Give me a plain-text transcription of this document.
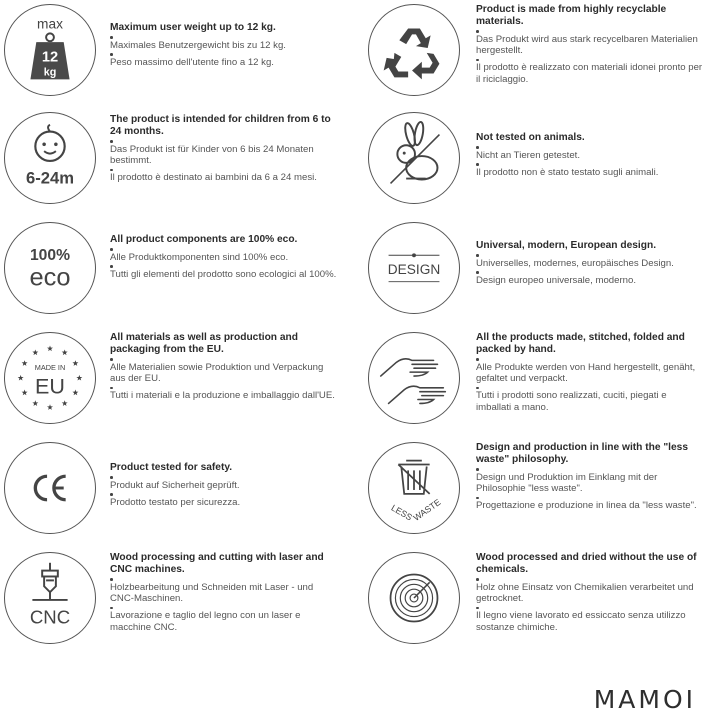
max
12
kg

Maximum user weight up to 12 kg.

Maximales Benutzergewicht bis zu 12 kg.

Peso massimo dell'utente fino a 12 kg.

Product is made from highly recyclable materials.

Das Produkt wird aus stark recycelbaren Materialien hergestellt.

Il prodotto è realizzato con materiali idonei pronto per il riciclaggio.

6-24m

The product is intended for children from 6 to 24 months.

Das Produkt ist für Kinder von 6 bis 24 Monaten bestimmt.

Il prodotto è destinato ai bambini da 6 a 24 mesi.

Not tested on animals.

Nicht an Tieren getestet.

Il prodotto non è stato testato sugli animali.

100%
eco

All product components are 100% eco.

Alle Produktkomponenten sind 100% eco.

Tutti gli elementi del prodotto sono ecologici al 100%.	DESIGN

Universal, modern, European design.

Universelles, modernes, europäisches Design.

Design europeo universale, moderno.

MADE IN
EU

All materials as well as production and packaging from the EU.

Alle Materialien sowie Produktion und Verpackung aus der EU.

Tutti i materiali e la produzione e imballaggio dall'UE.

All the products made, stitched, folded and packed by hand.

Alle Produkte werden von Hand hergestellt, genäht, gefaltet und verpackt.

Tutti i prodotti sono realizzati, cuciti, piegati e imballati a mano.

Product tested for safety.

Produkt auf Sicherheit geprüft.

Prodotto testato per sicurezza.

LESS
WASTE

Design and production in line with the "less waste" philosophy.

Design und Produktion im Einklang mit der Philosophie "less waste".

Progettazione e produzione in linea da "less waste".

CNC

Wood processing and cutting with laser and CNC machines.

Holzbearbeitung und Schneiden mit Laser - und CNC-Maschinen.

Lavorazione e taglio del legno con un laser e macchine CNC.

Wood processed and dried without the use of chemicals.

Holz ohne Einsatz von Chemikalien verarbeitet und getrocknet.

Il legno viene lavorato ed essiccato senza utilizzo sostanze chimiche.

MAMOI
